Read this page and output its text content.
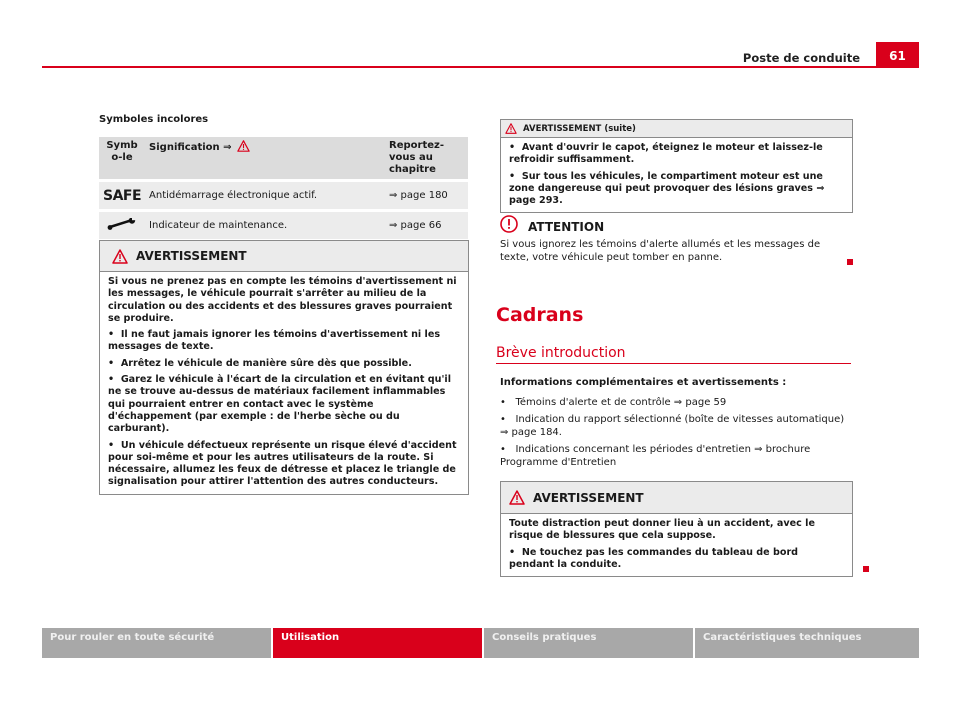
Poste de conduite	61
Symboles incolores
Symbo-le	Signification ⇒	Reportez-vous au chapitre
SAFE	Antidémarrage électronique actif.	⇒ page 180
	Indicateur de maintenance.	⇒ page 66
AVERTISSEMENT

Si vous ne prenez pas en compte les témoins d'avertissement ni les messages, le véhicule pourrait s'arrêter au milieu de la circulation ou des accidents et des blessures graves pourraient se produire.

•  Il ne faut jamais ignorer les témoins d'avertissement ni les messages de texte.

•  Arrêtez le véhicule de manière sûre dès que possible.

•  Garez le véhicule à l'écart de la circulation et en évitant qu'il ne se trouve au-dessus de matériaux facilement inflammables qui pourraient entrer en contact avec le système d'échappement (par exemple : de l'herbe sèche ou du carburant).

•  Un véhicule défectueux représente un risque élevé d'accident pour soi-même et pour les autres utilisateurs de la route. Si nécessaire, allumez les feux de détresse et placez le triangle de signalisation pour attirer l'attention des autres conducteurs.

AVERTISSEMENT (suite)

•  Avant d'ouvrir le capot, éteignez le moteur et laissez-le refroidir suffisamment.

•  Sur tous les véhicules, le compartiment moteur est une zone dangereuse qui peut provoquer des lésions graves ⇒ page 293.

ATTENTION
Si vous ignorez les témoins d'alerte allumés et les messages de texte, votre véhicule peut tomber en panne.
Cadrans
Brève introduction
Informations complémentaires et avertissements :
•   Témoins d'alerte et de contrôle ⇒ page 59
•   Indication du rapport sélectionné (boîte de vitesses automatique) ⇒ page 184.
•   Indications concernant les périodes d'entretien ⇒ brochure Programme d'Entretien
AVERTISSEMENT

Toute distraction peut donner lieu à un accident, avec le risque de blessures que cela suppose.

•  Ne touchez pas les commandes du tableau de bord pendant la conduite.

Pour rouler en toute sécurité	Utilisation	Conseils pratiques	Caractéristiques techniques
